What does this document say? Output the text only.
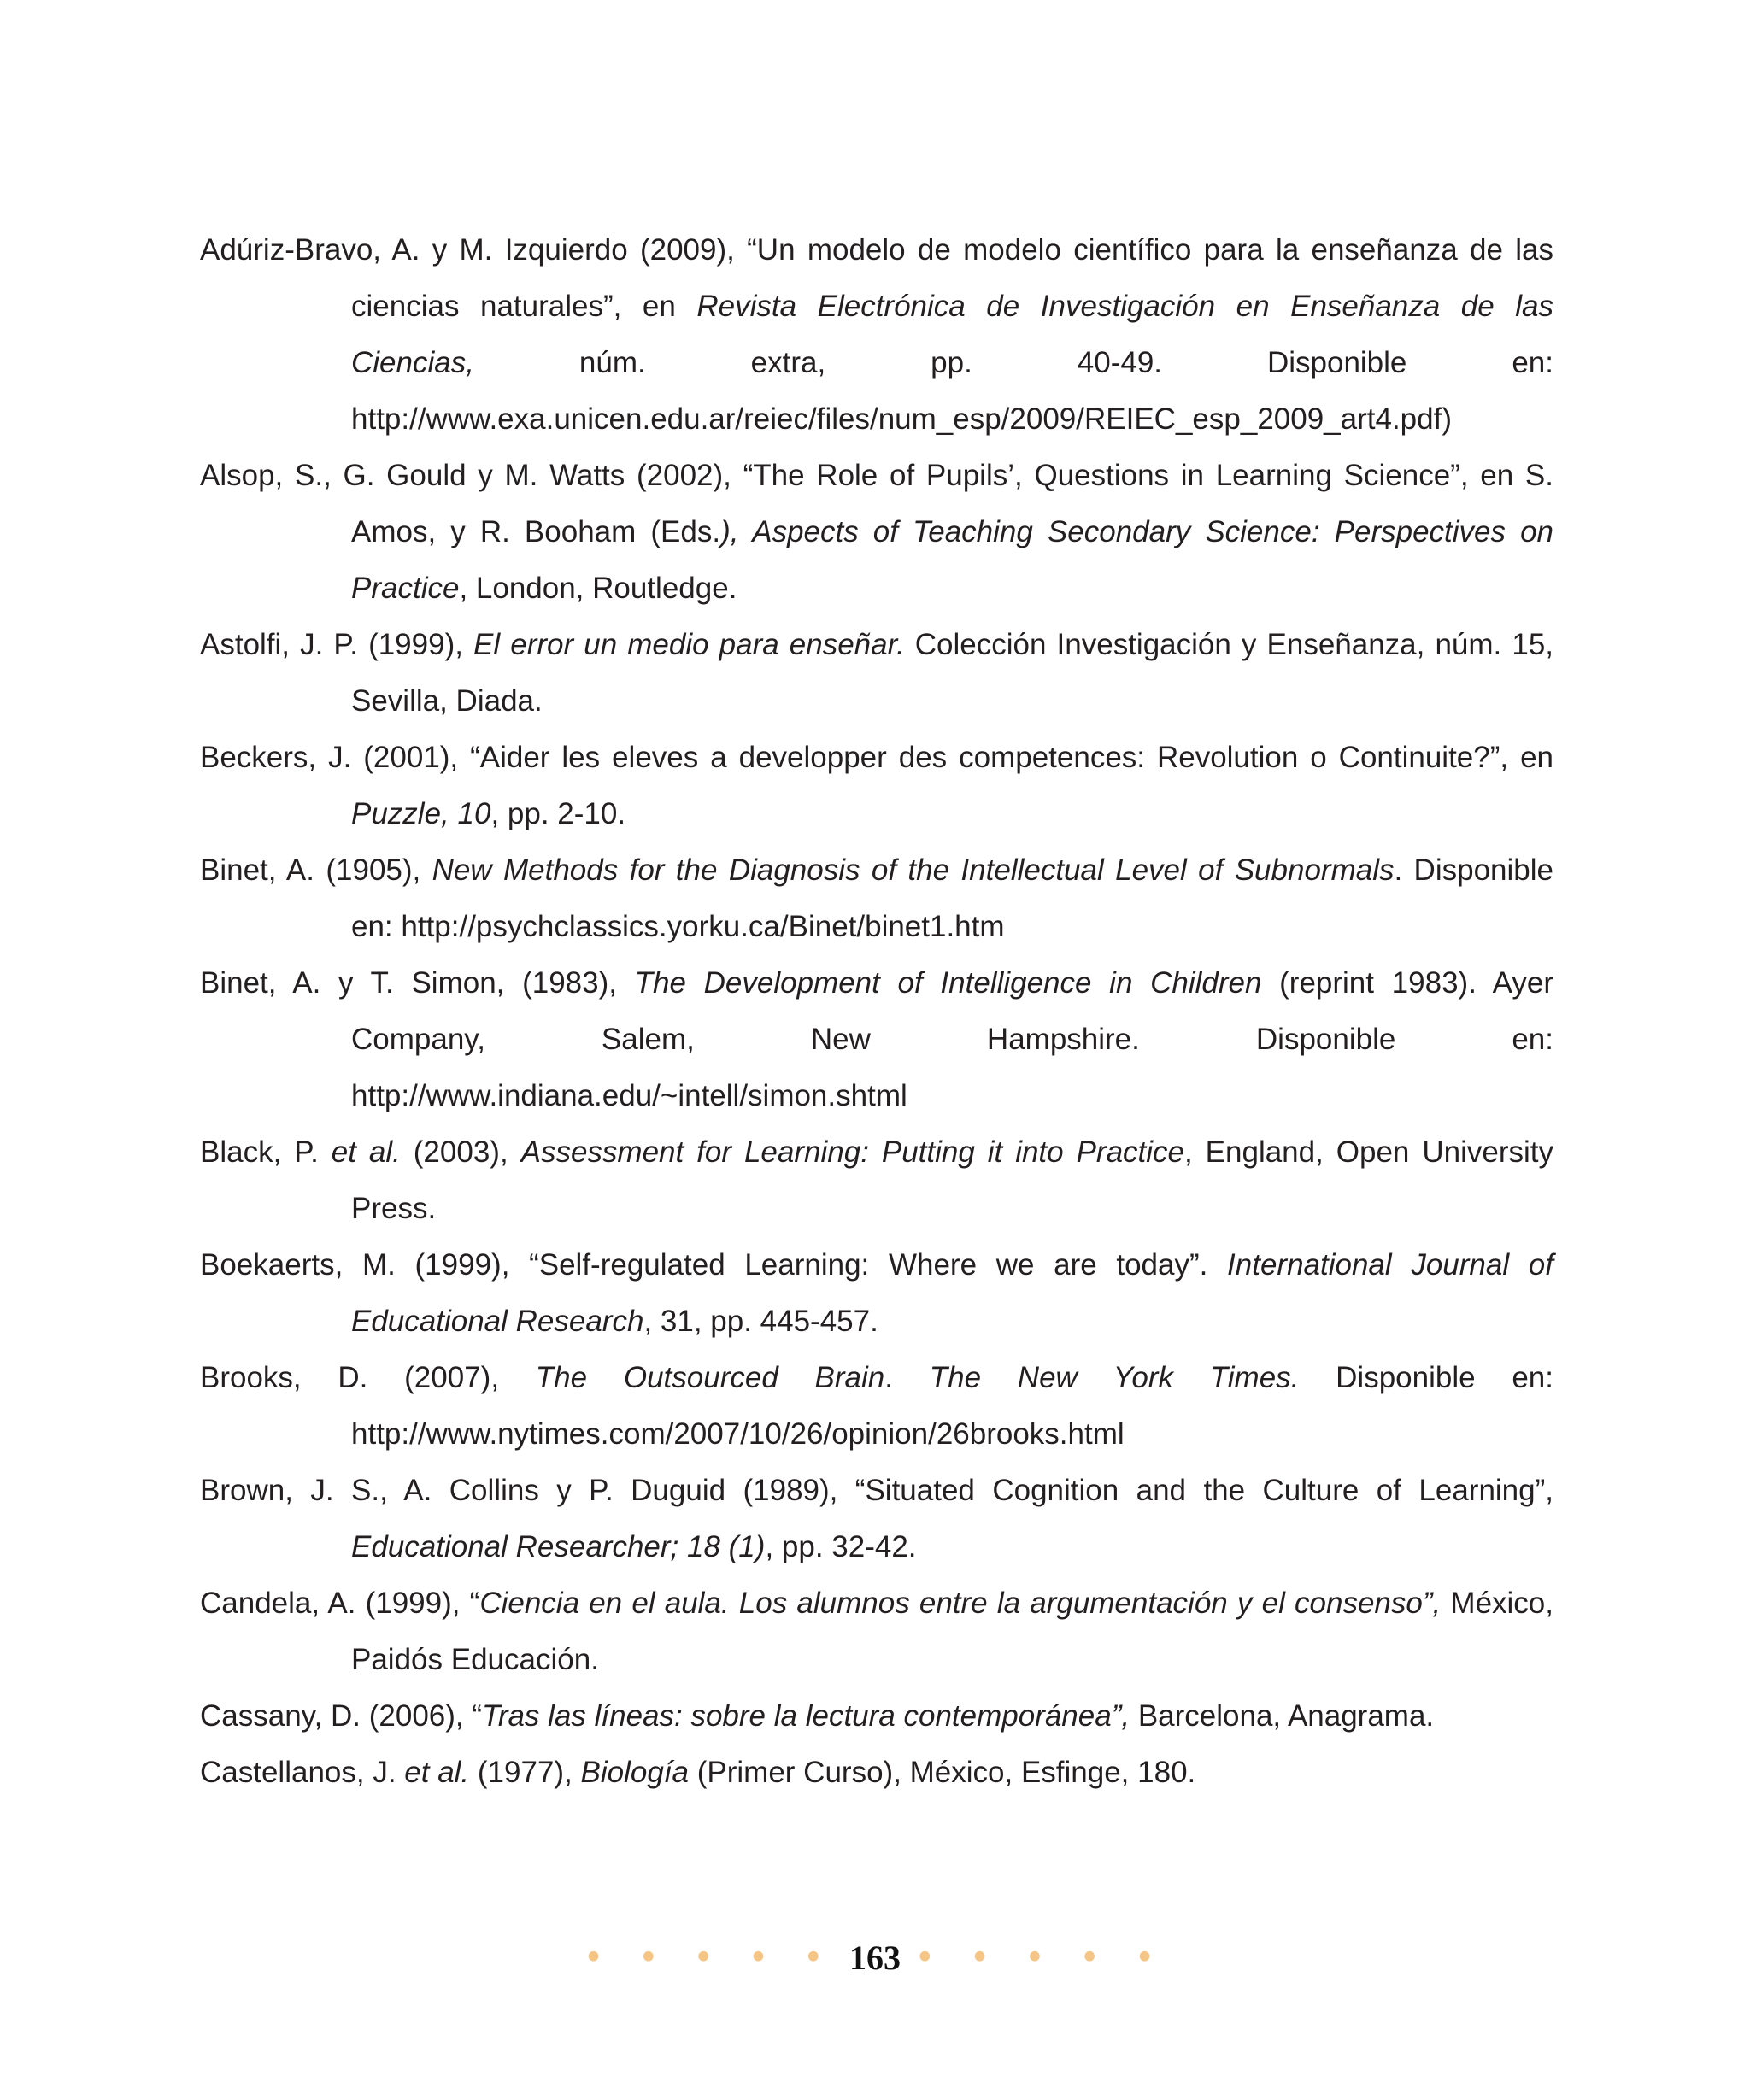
Adúriz-Bravo, A. y M. Izquierdo (2009), “Un modelo de modelo científico para la enseñanza de las ciencias naturales”, en Revista Electrónica de Investigación en Enseñanza de las Ciencias, núm. extra, pp. 40-49. Disponible en: http://www.exa.unicen.edu.ar/reiec/files/num_esp/2009/REIEC_esp_2009_art4.pdf)
Alsop, S., G. Gould y M. Watts (2002), “The Role of Pupils’, Questions in Learning Science”, en S. Amos, y R. Booham (Eds.), Aspects of Teaching Secondary Science: Perspectives on Practice, London, Routledge.
Astolfi, J. P. (1999), El error un medio para enseñar. Colección Investigación y Enseñanza, núm. 15, Sevilla, Diada.
Beckers, J. (2001), “Aider les eleves a developper des competences: Revolution o Continuite?”, en Puzzle, 10, pp. 2-10.
Binet, A. (1905), New Methods for the Diagnosis of the Intellectual Level of Subnormals. Disponible en: http://psychclassics.yorku.ca/Binet/binet1.htm
Binet, A. y T. Simon, (1983), The Development of Intelligence in Children (reprint 1983). Ayer Company, Salem, New Hampshire. Disponible en: http://www.indiana.edu/~intell/simon.shtml
Black, P. et al. (2003), Assessment for Learning: Putting it into Practice, England, Open University Press.
Boekaerts, M. (1999), “Self-regulated Learning: Where we are today”. International Journal of Educational Research, 31, pp. 445-457.
Brooks, D. (2007), The Outsourced Brain. The New York Times. Disponible en: http://www.nytimes.com/2007/10/26/opinion/26brooks.html
Brown, J. S., A. Collins y P. Duguid (1989), “Situated Cognition and the Culture of Learning”, Educational Researcher; 18 (1), pp. 32-42.
Candela, A. (1999), “Ciencia en el aula. Los alumnos entre la argumentación y el consenso”, México, Paidós Educación.
Cassany, D. (2006), “Tras las líneas: sobre la lectura contemporánea”, Barcelona, Anagrama.
Castellanos, J. et al. (1977), Biología (Primer Curso), México, Esfinge, 180.
• • • • • 163 • • • • •
